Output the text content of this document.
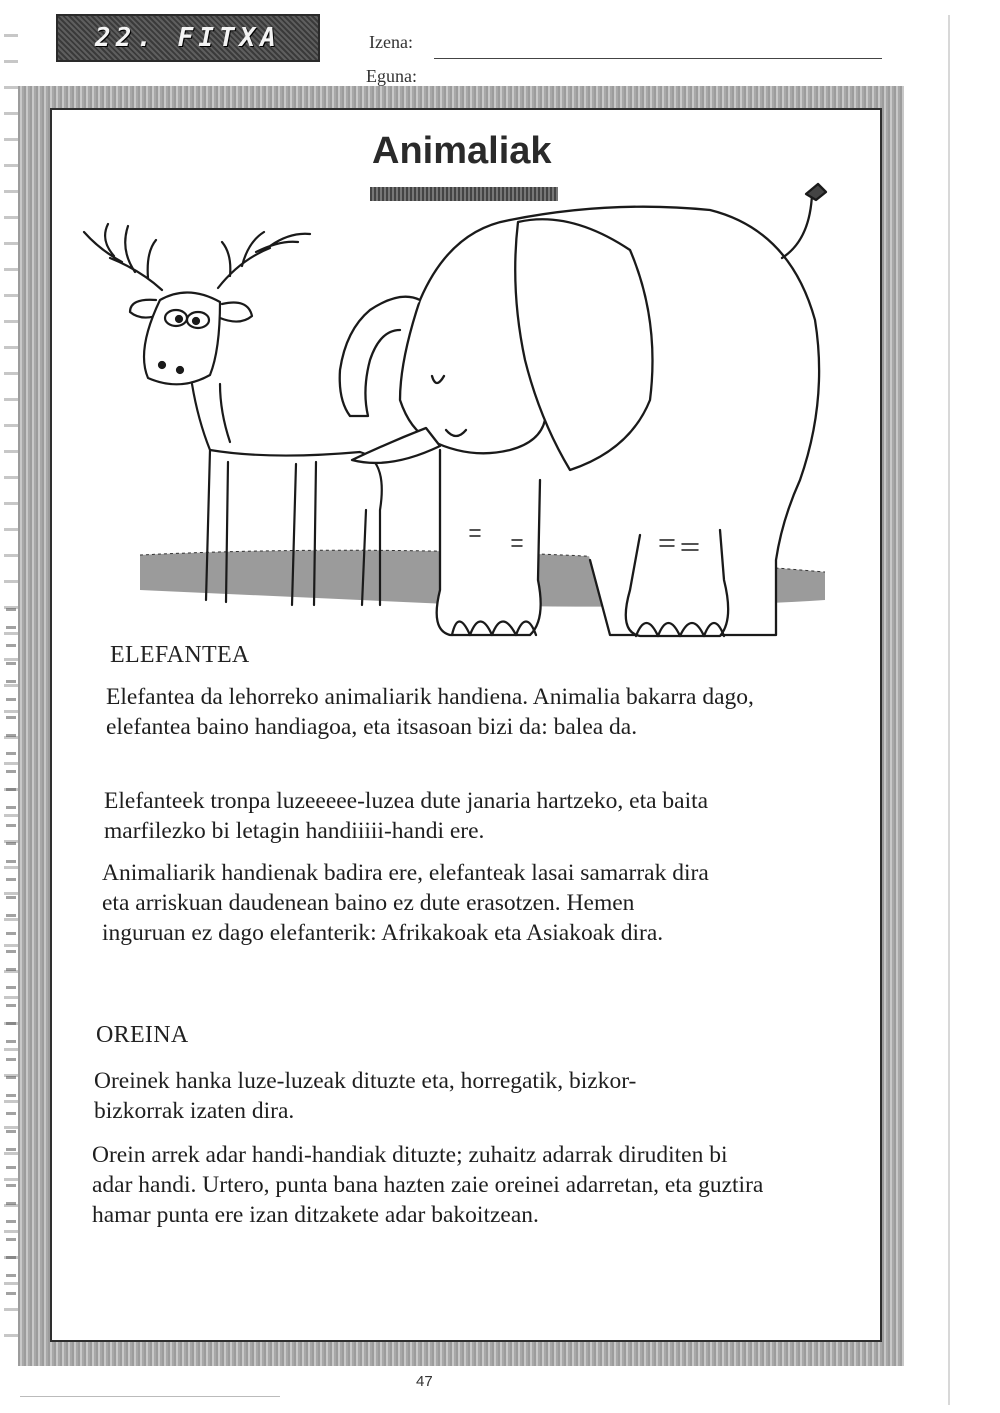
22. FITXA	Izena:
Eguna:
Animaliak
ELEFANTEA

Elefantea da lehorreko animaliarik handiena. Animalia bakarra dago, elefantea baino handiagoa, eta itsasoan bizi da: balea da.

Elefanteek tronpa luzeeeee-luzea dute janaria hartzeko, eta baita marfilezko bi letagin handiiiii-handi ere.

Animaliarik handienak badira ere, elefanteak lasai samarrak dira eta arriskuan daudenean baino ez dute erasotzen. Hemen inguruan ez dago elefanterik: Afrikakoak eta Asiakoak dira.

OREINA

Oreinek hanka luze-luzeak dituzte eta, horregatik, bizkor-bizkorrak izaten dira.

Orein arrek adar handi-handiak dituzte; zuhaitz adarrak diruditen bi adar handi. Urtero, punta bana hazten zaie oreinei adarretan, eta guztira hamar punta ere izan ditzakete adar bakoitzean.

47
